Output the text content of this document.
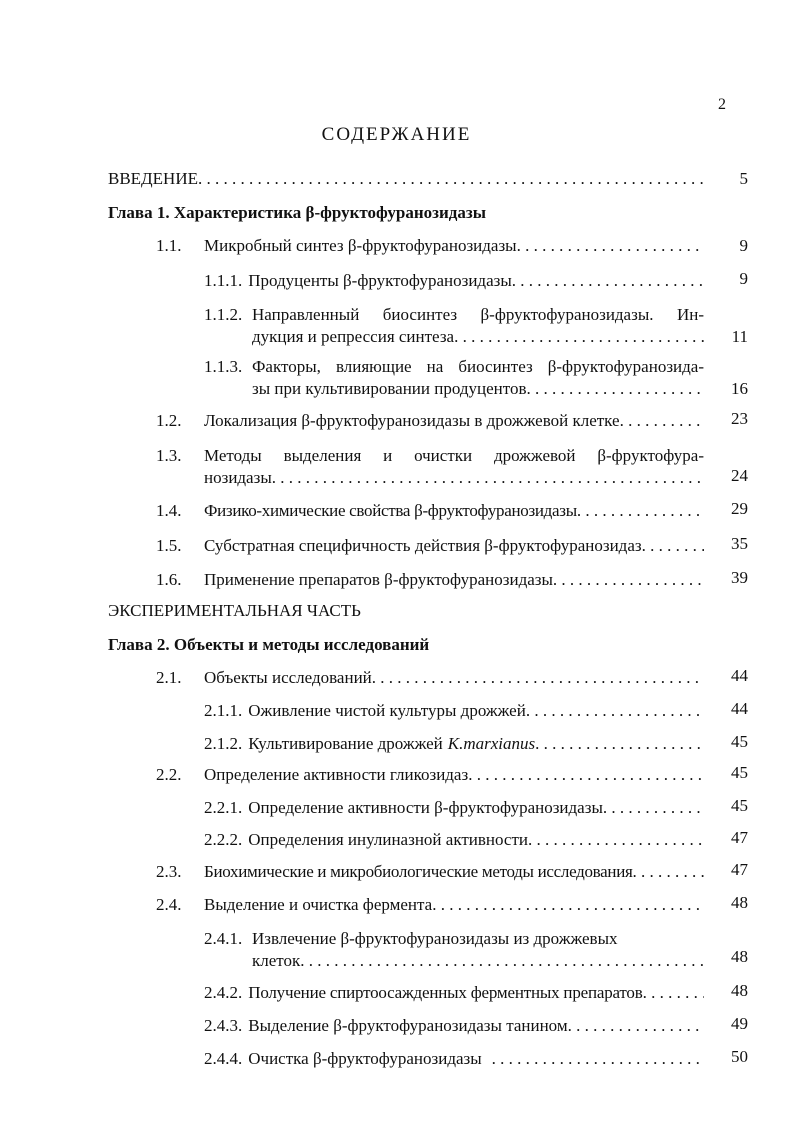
2
СОДЕРЖАНИЕ
ВВЕДЕНИЕ . . .	5
Глава 1. Характеристика β-фруктофуранозидазы
1.1. Микробный синтез β-фруктофуранозидазы . . .	9
1.1.1. Продуценты β-фруктофуранозидазы . . .	9
1.1.2. Направленный биосинтез β-фруктофуранозидазы. Ин-
дукция и репрессия синтеза . . .	11
1.1.3. Факторы, влияющие на биосинтез β-фруктофуранозида-
зы при культивировании продуцентов . . .	16
1.2. Локализация β-фруктофуранозидазы в дрожжевой клетке . . .	23
1.3. Методы выделения и очистки дрожжевой β-фруктофура-
нозидазы . . .	24
1.4. Физико-химические свойства β-фруктофуранозидазы . . .	29
1.5. Субстратная специфичность действия β-фруктофуранозидаз . . .	35
1.6. Применение препаратов β-фруктофуранозидазы . . .	39
ЭКСПЕРИМЕНТАЛЬНАЯ ЧАСТЬ
Глава 2. Объекты и методы исследований
2.1. Объекты исследований . . .	44
2.1.1. Оживление чистой культуры дрожжей . . .	44
2.1.2. Культивирование дрожжей K.marxianus . . .	45
2.2. Определение активности гликозидаз . . .	45
2.2.1. Определение активности β-фруктофуранозидазы . . .	45
2.2.2. Определения инулиназной активности . . .	47
2.3. Биохимические и микробиологические методы исследования . . .	47
2.4. Выделение и очистка фермента . . .	48
2.4.1. Извлечение β-фруктофуранозидазы из дрожжевых
клеток . . .	48
2.4.2. Получение спиртоосажденных ферментных препаратов . . .	48
2.4.3. Выделение β-фруктофуранозидазы танином . . .	49
2.4.4. Очистка β-фруктофуранозидазы . . .	50
